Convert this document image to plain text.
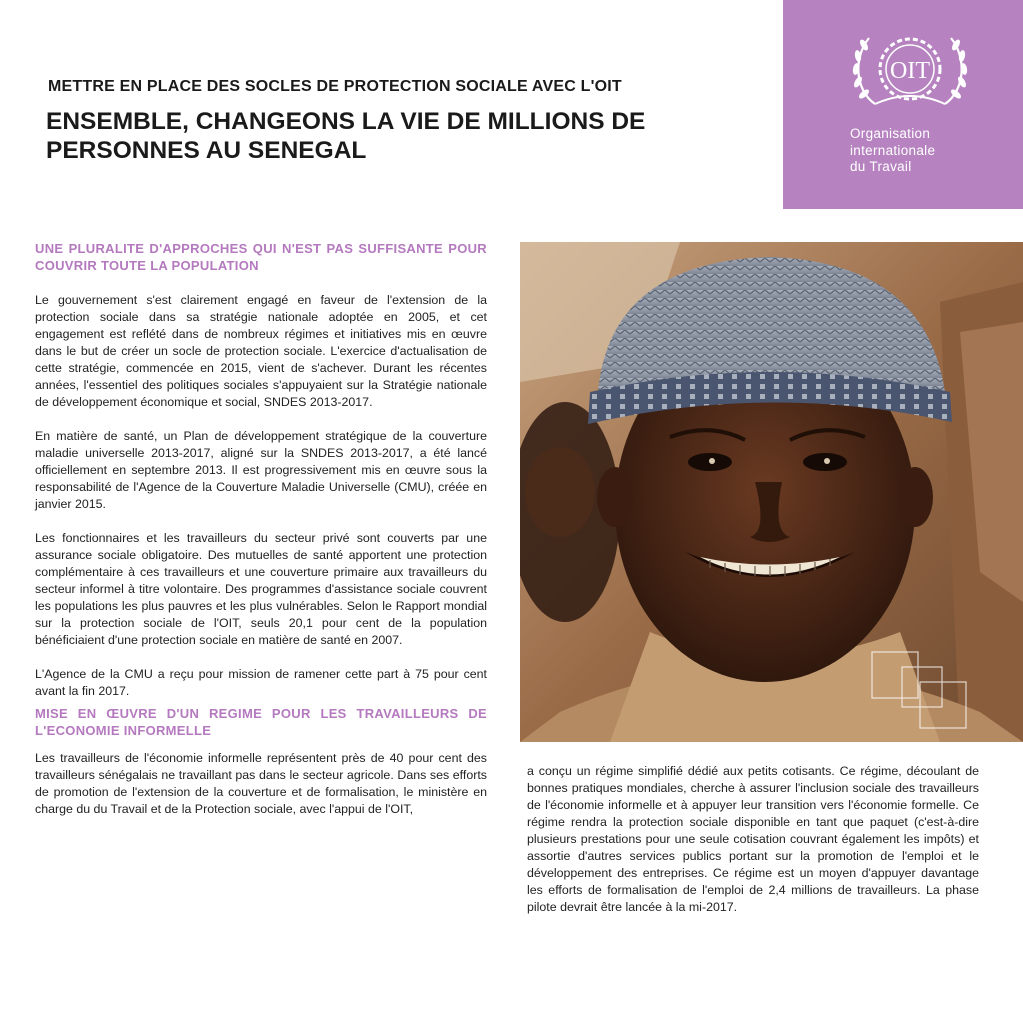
METTRE EN PLACE DES SOCLES DE PROTECTION SOCIALE AVEC L'OIT
ENSEMBLE, CHANGEONS LA VIE DE MILLIONS DE PERSONNES AU SENEGAL
OIT
Organisation
internationale
du Travail
UNE PLURALITE D'APPROCHES QUI N'EST PAS SUFFISANTE POUR COUVRIR TOUTE LA POPULATION

Le gouvernement s'est clairement engagé en faveur de l'extension de la protection sociale dans sa stratégie nationale adoptée en 2005, et cet engagement est reflété dans de nombreux régimes et initiatives mis en œuvre dans le but de créer un socle de protection sociale. L'exercice d'actualisation de cette stratégie, commencée en 2015, vient de s'achever. Durant les récentes années, l'essentiel des politiques sociales s'appuyaient sur la Stratégie nationale de développement économique et social, SNDES 2013-2017.

En matière de santé, un Plan de développement stratégique de la couverture maladie universelle 2013-2017, aligné sur la SNDES 2013-2017, a été lancé officiellement en septembre 2013. Il est progressivement mis en œuvre sous la responsabilité de l'Agence de la Couverture Maladie Universelle (CMU), créée en janvier 2015.

Les fonctionnaires et les travailleurs du secteur privé sont couverts par une assurance sociale obligatoire. Des mutuelles de santé apportent une protection complémentaire à ces travailleurs et une couverture primaire aux travailleurs du secteur informel à titre volontaire. Des programmes d'assistance sociale couvrent les populations les plus pauvres et les plus vulnérables. Selon le Rapport mondial sur la protection sociale de l'OIT, seuls 20,1 pour cent de la population bénéficiaient d'une protection sociale en matière de santé en 2007.

L'Agence de la CMU a reçu pour mission de ramener cette part à 75 pour cent avant la fin 2017.

MISE EN ŒUVRE D'UN REGIME POUR LES TRAVAILLEURS DE L'ECONOMIE INFORMELLE

Les travailleurs de l'économie informelle représentent près de 40 pour cent des travailleurs sénégalais ne travaillant pas dans le secteur agricole. Dans ses efforts de promotion de l'extension de la couverture et de formalisation, le ministère en charge du du Travail et de la Protection sociale, avec l'appui de l'OIT,

a conçu un régime simplifié dédié aux petits cotisants. Ce régime, découlant de bonnes pratiques mondiales, cherche à assurer l'inclusion sociale des travailleurs de l'économie informelle et à appuyer leur transition vers l'économie formelle. Ce régime rendra la protection sociale disponible en tant que paquet (c'est-à-dire plusieurs prestations pour une seule cotisation couvrant également les impôts) et assortie d'autres services publics portant sur la promotion de l'emploi et le développement des entreprises. Ce régime est un moyen d'appuyer davantage les efforts de formalisation de l'emploi de 2,4 millions de travailleurs. La phase pilote devrait être lancée à la mi-2017.
